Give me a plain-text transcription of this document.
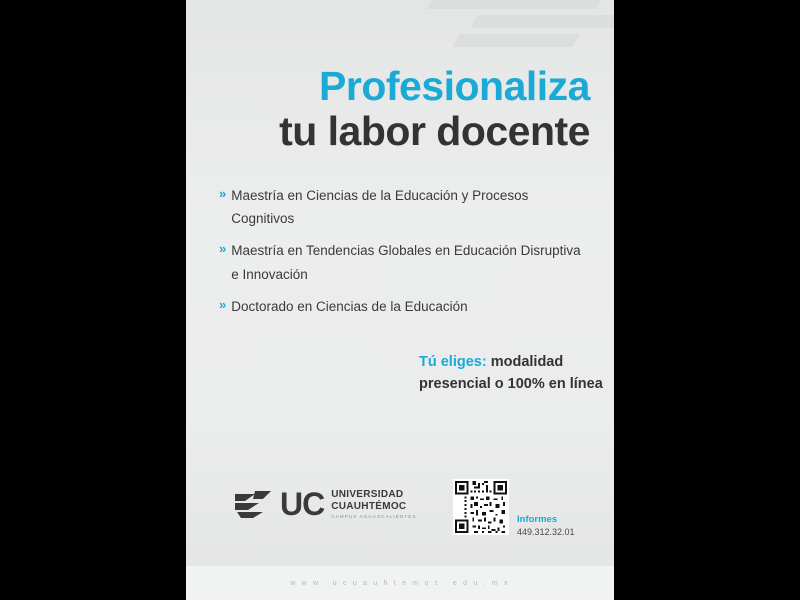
Profesionaliza
tu labor docente
» Maestría en Ciencias de la Educación y Procesos Cognitivos
» Maestría en Tendencias Globales en Educación Disruptiva e Innovación
» Doctorado en Ciencias de la Educación
Tú eliges: modalidad
presencial o 100% en línea
UC UNIVERSIDAD
CUAUHTÉMOC
CAMPUS AGUASCALIENTES	Informes
449.312.32.01
w w w . u c u a u h t e m o c . e d u . m x
